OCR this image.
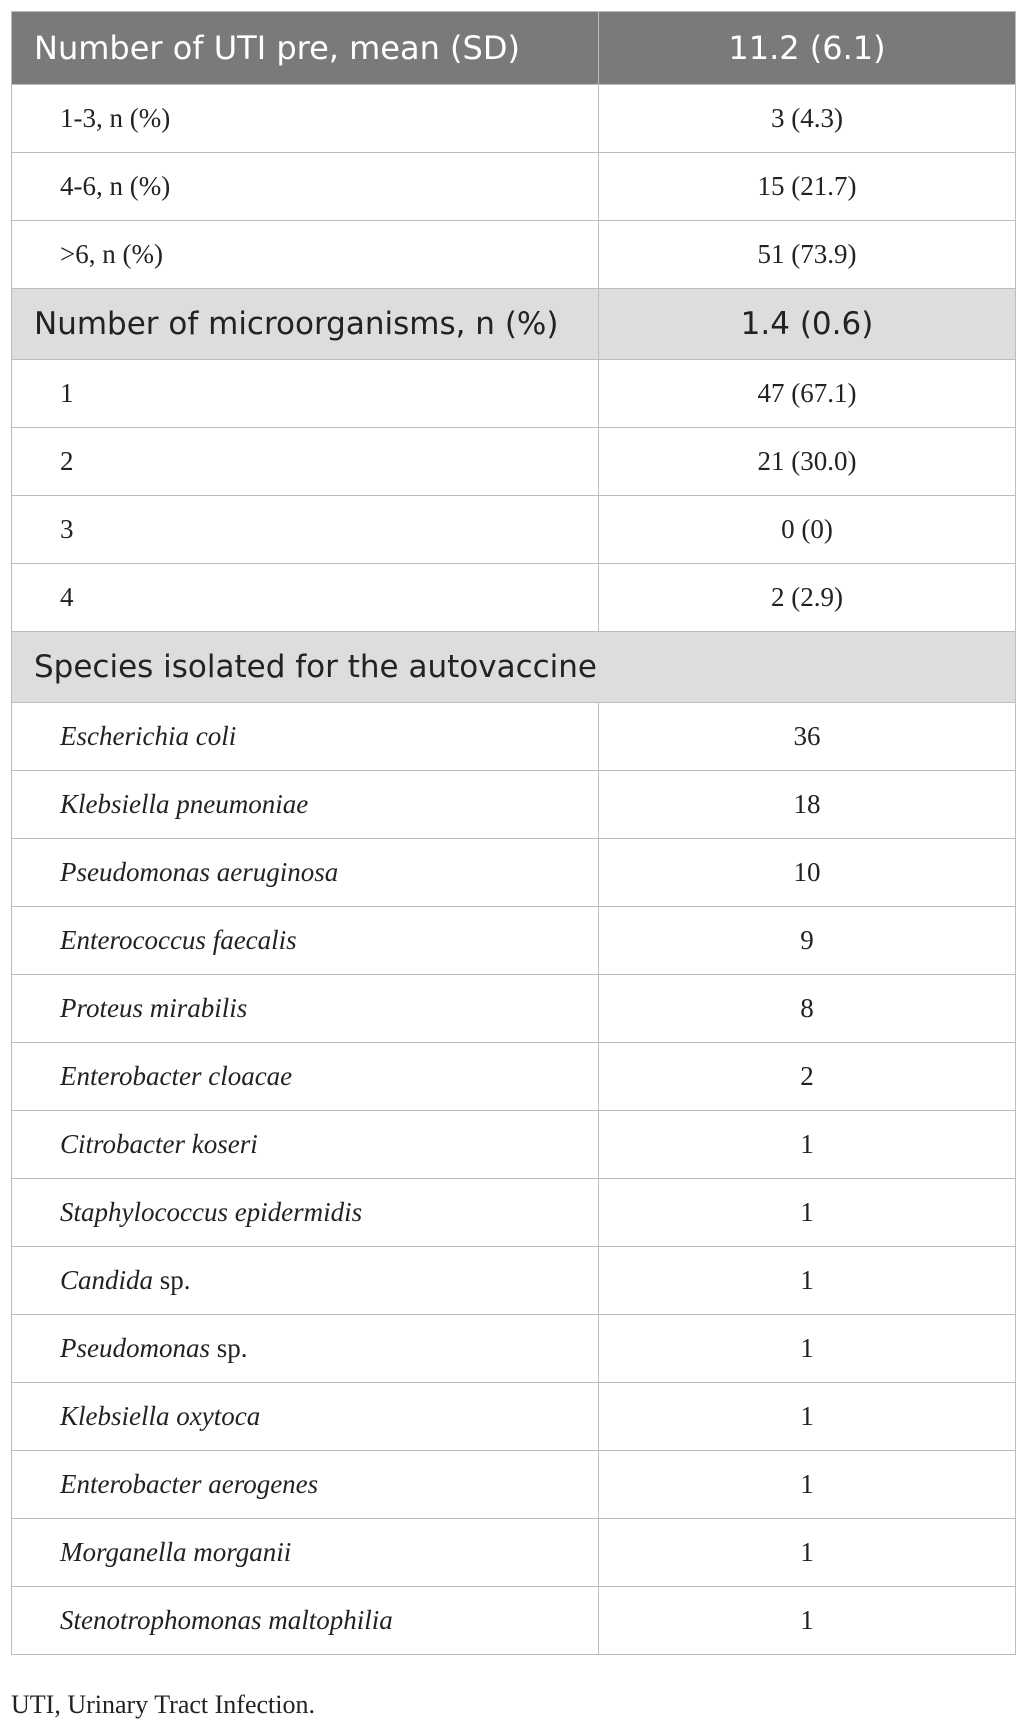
Number of UTI pre, mean (SD)	11.2 (6.1)
1-3, n (%)	3 (4.3)
4-6, n (%)	15 (21.7)
>6, n (%)	51 (73.9)
Number of microorganisms, n (%)	1.4 (0.6)
1	47 (67.1)
2	21 (30.0)
3	0 (0)
4	2 (2.9)
Species isolated for the autovaccine	
Escherichia coli	36
Klebsiella pneumoniae	18
Pseudomonas aeruginosa	10
Enterococcus faecalis	9
Proteus mirabilis	8
Enterobacter cloacae	2
Citrobacter koseri	1
Staphylococcus epidermidis	1
Candida sp.	1
Pseudomonas sp.	1
Klebsiella oxytoca	1
Enterobacter aerogenes	1
Morganella morganii	1
Stenotrophomonas maltophilia	1
UTI, Urinary Tract Infection.
